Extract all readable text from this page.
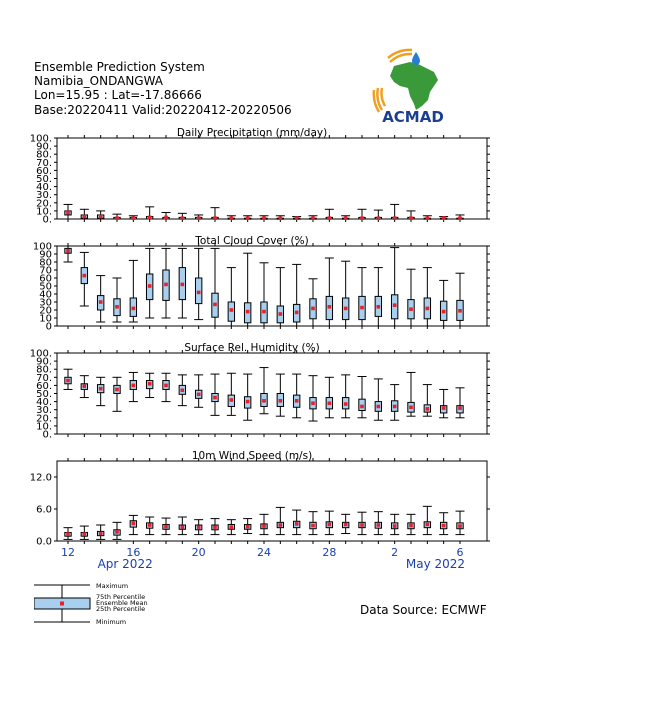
Ensemble Prediction System
Namibia_ONDANGWA
Lon=15.95 : Lat=-17.86666
Base:20220411 Valid:20220412-20220506	ACMAD
Daily Precipitation (mm/day)
0.
10.
20.
30.
40.
50.
60.
70.
80.
90.
100.
Total Cloud Cover (%)
0
10
20
30
40
50
60
70
80
90
100
Surface Rel. Humidity (%)
0.
10.
20.
30.
40.
50.
60.
70.
80.
90.
100.
10m Wind Speed (m/s)
0.0
6.0
12.0
12	16	20	24	28	2	6
Apr 2022	May 2022
Maximum
75th Percentile
Ensemble Mean
25th Percentile
Minimum
Data Source: ECMWF
